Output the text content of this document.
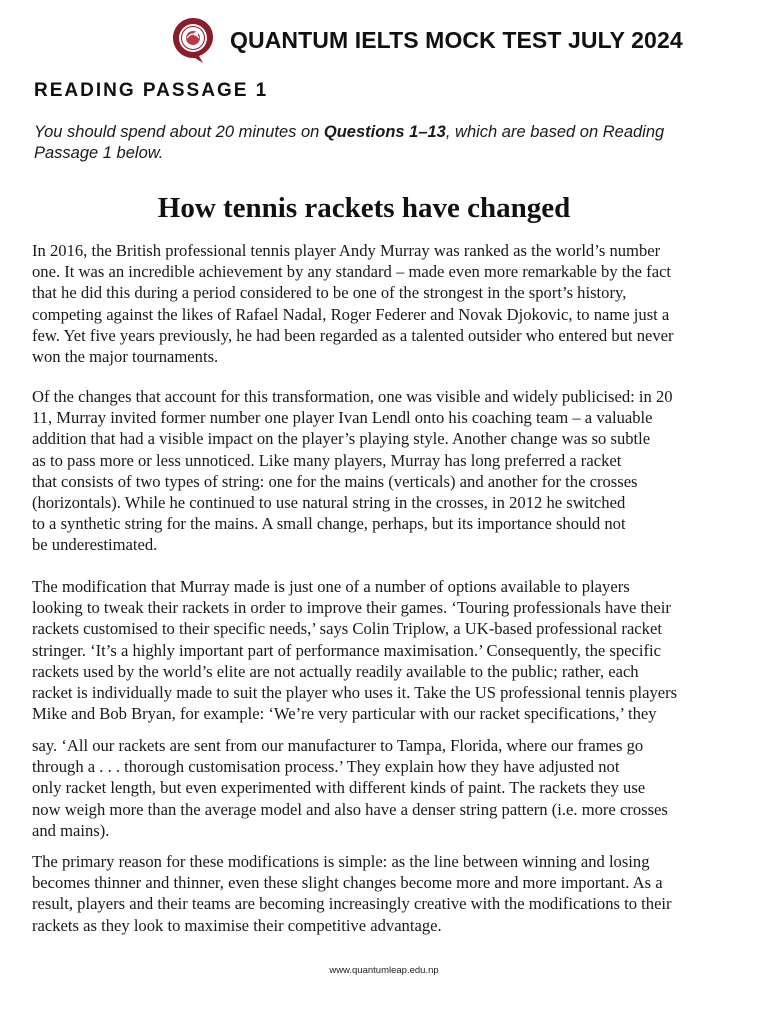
QUANTUM IELTS MOCK TEST JULY 2024
READING PASSAGE 1
You should spend about 20 minutes on Questions 1–13, which are based on Reading
Passage 1 below.
How tennis rackets have changed
In 2016, the British professional tennis player Andy Murray was ranked as the world’s number
one. It was an incredible achievement by any standard – made even more remarkable by the fact
that he did this during a period considered to be one of the strongest in the sport’s history,
competing against the likes of Rafael Nadal, Roger Federer and Novak Djokovic, to name just a
few. Yet five years previously, he had been regarded as a talented outsider who entered but never
won the major tournaments.
Of the changes that account for this transformation, one was visible and widely publicised: in 20
11, Murray invited former number one player Ivan Lendl onto his coaching team – a valuable
addition that had a visible impact on the player’s playing style. Another change was so subtle
as to pass more or less unnoticed. Like many players, Murray has long preferred a racket
that consists of two types of string: one for the mains (verticals) and another for the crosses
(horizontals). While he continued to use natural string in the crosses, in 2012 he switched
to a synthetic string for the mains. A small change, perhaps, but its importance should not
be underestimated.
The modification that Murray made is just one of a number of options available to players
looking to tweak their rackets in order to improve their games. ‘Touring professionals have their
rackets customised to their specific needs,’ says Colin Triplow, a UK-based professional racket
stringer. ‘It’s a highly important part of performance maximisation.’ Consequently, the specific
rackets used by the world’s elite are not actually readily available to the public; rather, each
racket is individually made to suit the player who uses it. Take the US professional tennis players
Mike and Bob Bryan, for example: ‘We’re very particular with our racket specifications,’ they
say. ‘All our rackets are sent from our manufacturer to Tampa, Florida, where our frames go
through a . . . thorough customisation process.’ They explain how they have adjusted not
only racket length, but even experimented with different kinds of paint. The rackets they use
now weigh more than the average model and also have a denser string pattern (i.e. more crosses
and mains).
The primary reason for these modifications is simple: as the line between winning and losing
becomes thinner and thinner, even these slight changes become more and more important. As a
result, players and their teams are becoming increasingly creative with the modifications to their
rackets as they look to maximise their competitive advantage.
www.quantumleap.edu.np
